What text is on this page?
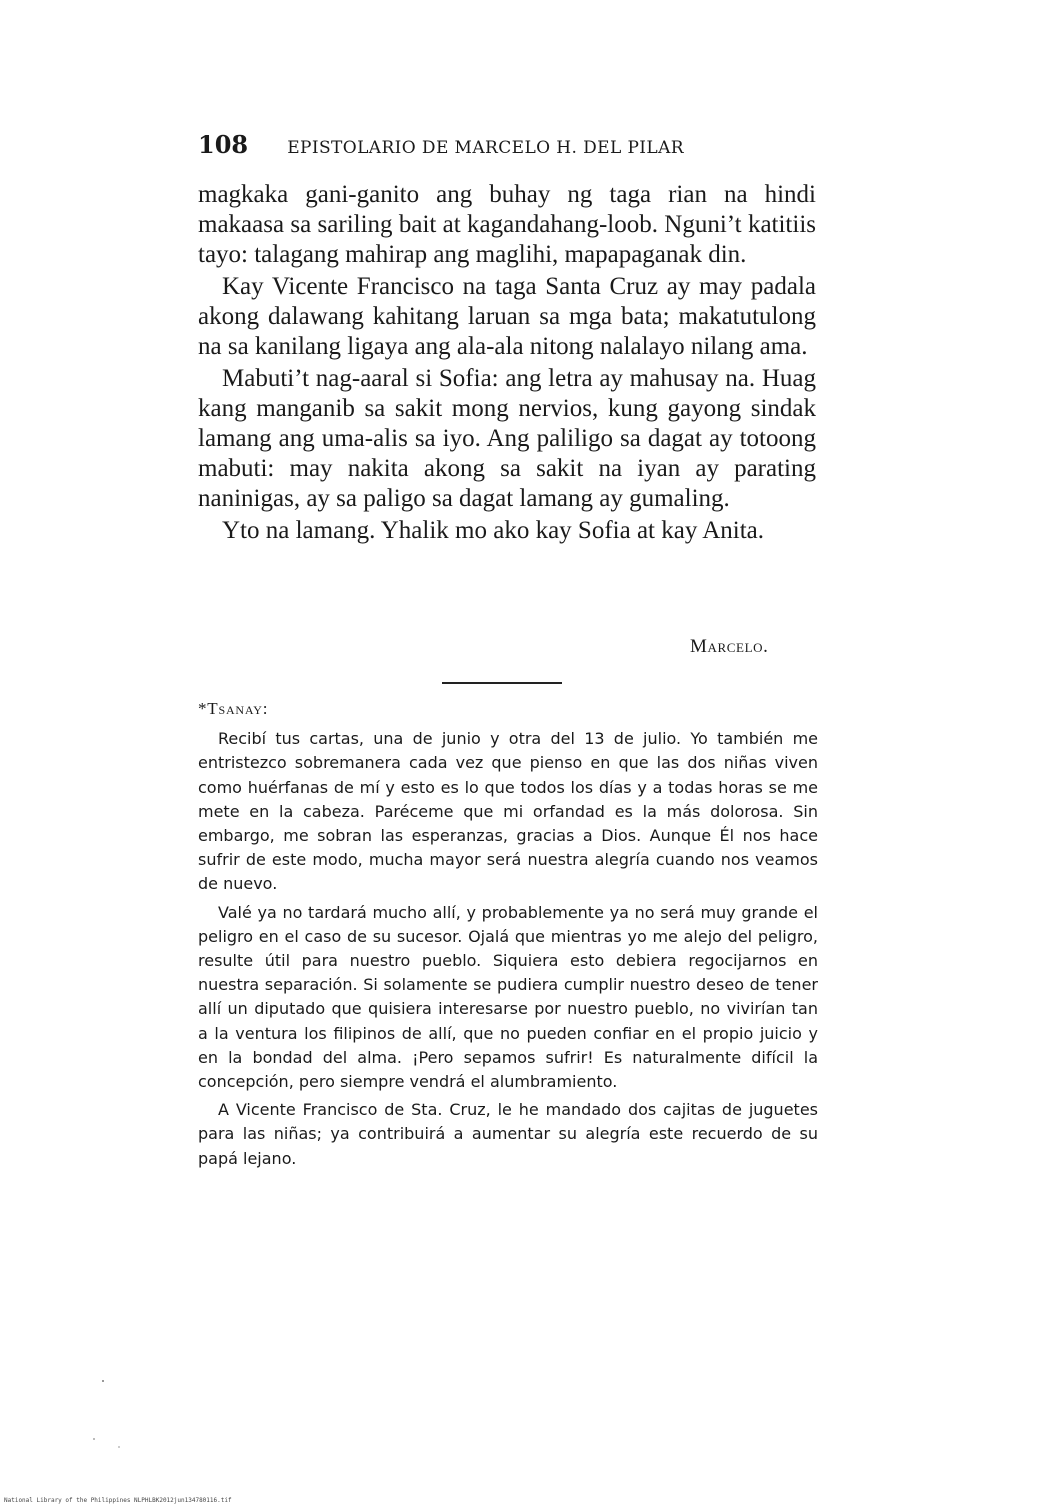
108 EPISTOLARIO DE MARCELO H. DEL PILAR

magkaka gani-ganito ang buhay ng taga rian na hindi makaasa sa sariling bait at kagandahang-loob. Nguni’t katitiis tayo: talagang mahirap ang maglihi, mapapaganak din.

Kay Vicente Francisco na taga Santa Cruz ay may padala akong dalawang kahitang laruan sa mga bata; makatutulong na sa kanilang ligaya ang ala-ala nitong nalalayo nilang ama.

Mabuti’t nag-aaral si Sofia: ang letra ay mahusay na. Huag kang manganib sa sakit mong nervios, kung gayong sindak lamang ang uma-alis sa iyo. Ang paliligo sa dagat ay totoong mabuti: may nakita akong sa sakit na iyan ay parating naninigas, ay sa paligo sa dagat lamang ay gumaling.

Yto na lamang. Yhalik mo ako kay Sofia at kay Anita.

Marcelo.
*Tsanay:

Recibí tus cartas, una de junio y otra del 13 de julio. Yo también me entristezco sobremanera cada vez que pienso en que las dos niñas viven como huérfanas de mí y esto es lo que todos los días y a todas horas se me mete en la cabeza. Paréceme que mi orfandad es la más dolorosa. Sin embargo, me sobran las esperanzas, gracias a Dios. Aunque Él nos hace sufrir de este modo, mucha mayor será nuestra alegría cuando nos veamos de nuevo.

Valé ya no tardará mucho allí, y probablemente ya no será muy grande el peligro en el caso de su sucesor. Ojalá que mientras yo me alejo del peligro, resulte útil para nuestro pueblo. Siquiera esto debiera regocijarnos en nuestra separación. Si solamente se pudiera cumplir nuestro deseo de tener allí un diputado que quisiera interesarse por nuestro pueblo, no vivirían tan a la ventura los filipinos de allí, que no pueden confiar en el propio juicio y en la bondad del alma. ¡Pero sepamos sufrir! Es naturalmente difícil la concepción, pero siempre vendrá el alumbramiento.

A Vicente Francisco de Sta. Cruz, le he mandado dos cajitas de juguetes para las niñas; ya contribuirá a aumentar su alegría este recuerdo de su papá lejano.

National Library of the Philippines NLPHLBK2012jun134780116.tif
